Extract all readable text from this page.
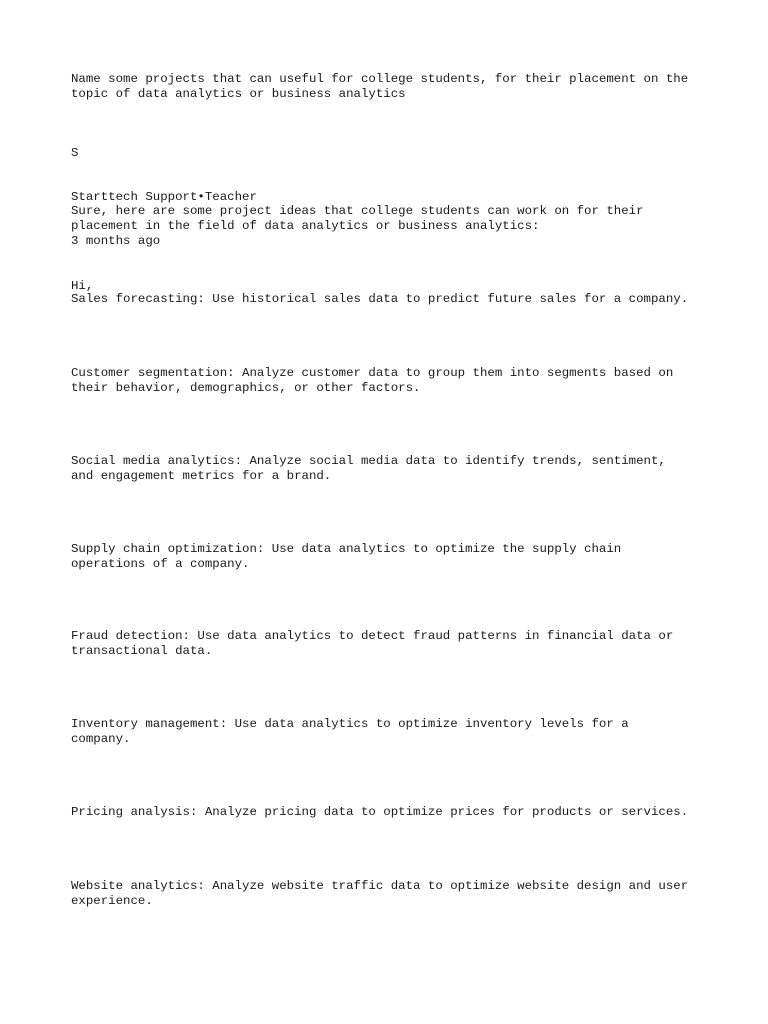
Name some projects that can useful for college students, for their placement on the
topic of data analytics or business analytics

S

Starttech Support•Teacher

3 months ago

Hi,

Sure, here are some project ideas that college students can work on for their
placement in the field of data analytics or business analytics:
Sales forecasting: Use historical sales data to predict future sales for a company.
Customer segmentation: Analyze customer data to group them into segments based on
their behavior, demographics, or other factors.
Social media analytics: Analyze social media data to identify trends, sentiment,
and engagement metrics for a brand.
Supply chain optimization: Use data analytics to optimize the supply chain
operations of a company.
Fraud detection: Use data analytics to detect fraud patterns in financial data or
transactional data.
Inventory management: Use data analytics to optimize inventory levels for a
company.
Pricing analysis: Analyze pricing data to optimize prices for products or services.
Website analytics: Analyze website traffic data to optimize website design and user
experience.
